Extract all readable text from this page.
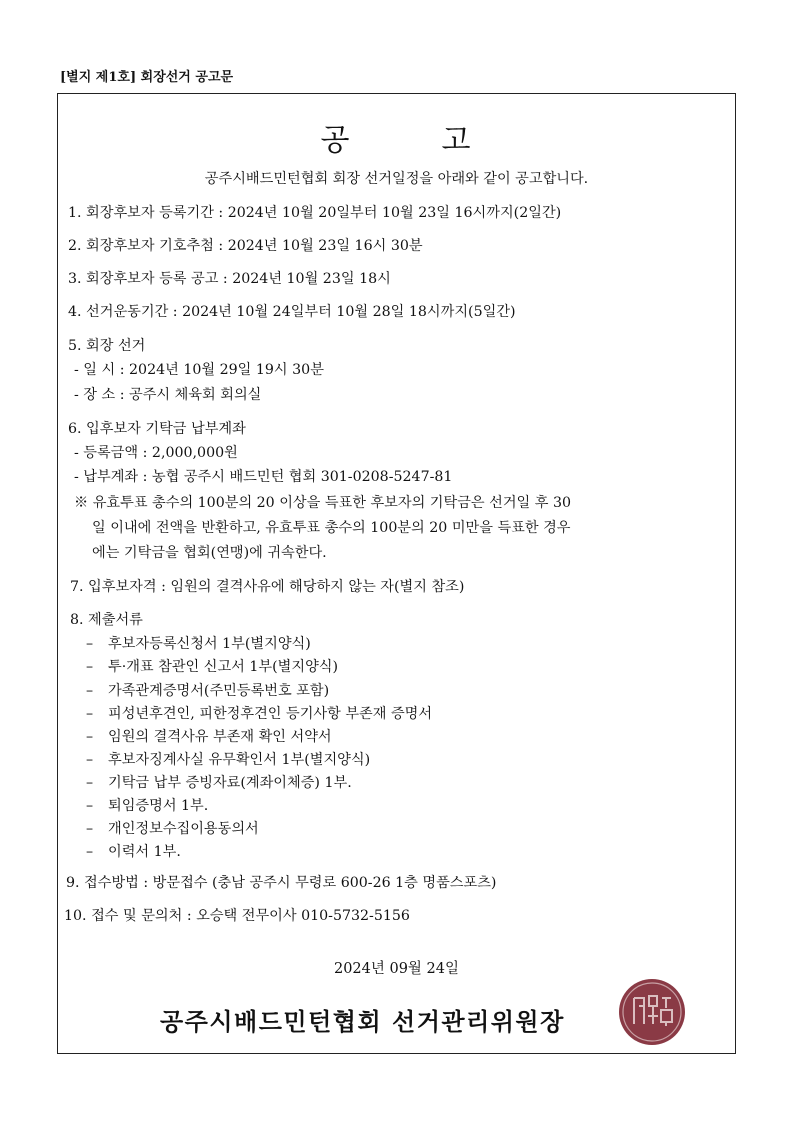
[별지 제1호] 회장선거 공고문
공	고
공주시배드민턴협회 회장 선거일정을 아래와 같이 공고합니다.
1. 회장후보자 등록기간 : 2024년 10월 20일부터 10월 23일 16시까지(2일간)
2. 회장후보자 기호추첨 : 2024년 10월 23일 16시 30분
3. 회장후보자 등록 공고 : 2024년 10월 23일 18시
4. 선거운동기간 : 2024년 10월 24일부터 10월 28일 18시까지(5일간)
5. 회장 선거
- 일 시 : 2024년 10월 29일 19시 30분
- 장 소 : 공주시 체육회 회의실
6. 입후보자 기탁금 납부계좌
- 등록금액 : 2,000,000원
- 납부계좌 : 농협 공주시 배드민턴 협회 301-0208-5247-81
※ 유효투표 총수의 100분의 20 이상을 득표한 후보자의 기탁금은 선거일 후 30
일 이내에 전액을 반환하고, 유효투표 총수의 100분의 20 미만을 득표한 경우
에는 기탁금을 협회(연맹)에 귀속한다.
7. 입후보자격 : 임원의 결격사유에 해당하지 않는 자(별지 참조)
8. 제출서류
– 후보자등록신청서 1부(별지양식)
– 투·개표 참관인 신고서 1부(별지양식)
– 가족관계증명서(주민등록번호 포함)
– 피성년후견인, 피한정후견인 등기사항 부존재 증명서
– 임원의 결격사유 부존재 확인 서약서
– 후보자징계사실 유무확인서 1부(별지양식)
– 기탁금 납부 증빙자료(계좌이체증) 1부.
– 퇴임증명서 1부.
– 개인정보수집이용동의서
– 이력서 1부.
9. 접수방법 : 방문접수 (충남 공주시 무령로 600-26 1층 명품스포츠)
10. 접수 및 문의처 : 오승택 전무이사 010-5732-5156
2024년 09월 24일
공주시배드민턴협회 선거관리위원장
